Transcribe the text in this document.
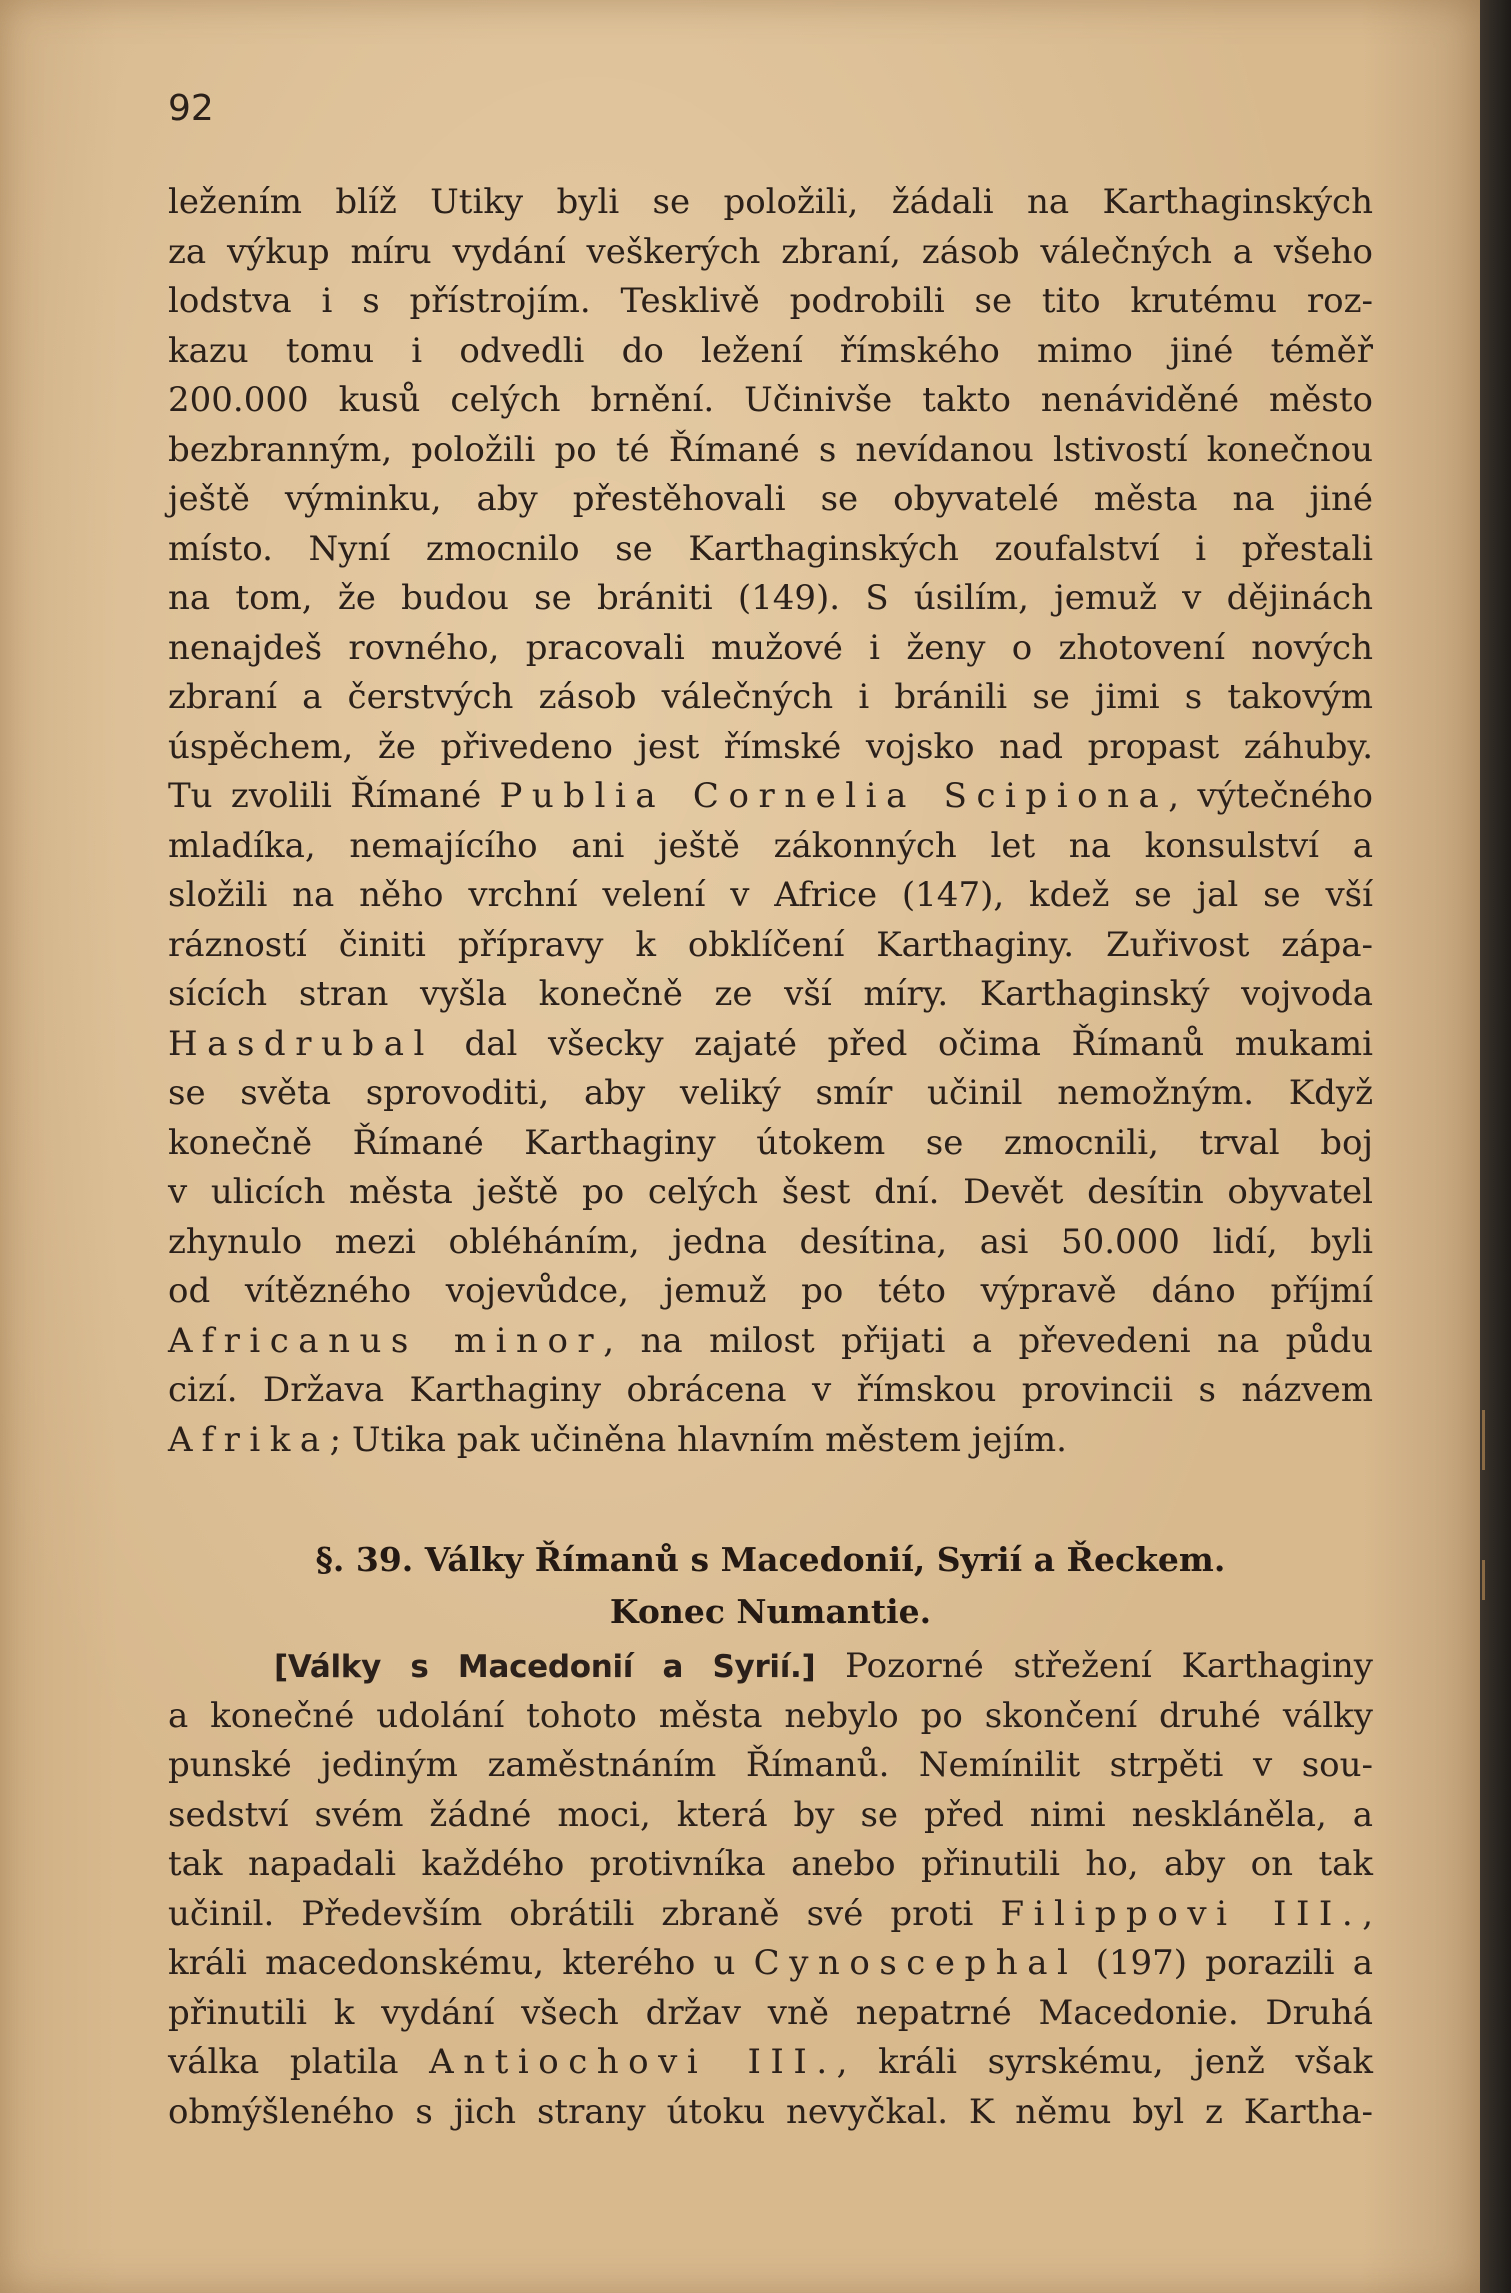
92
ležením blíž Utiky byli se položili, žádali na Karthaginských
za výkup míru vydání veškerých zbraní, zásob válečných a všeho
lodstva i s přístrojím. Tesklivě podrobili se tito krutému roz-
kazu tomu i odvedli do ležení římského mimo jiné téměř
200.000 kusů celých brnění. Učinivše takto nenáviděné město
bezbranným, položili po té Římané s nevídanou lstivostí konečnou
ještě výminku, aby přestěhovali se obyvatelé města na jiné
místo. Nyní zmocnilo se Karthaginských zoufalství i přestali
na tom, že budou se brániti (149). S úsilím, jemuž v dějinách
nenajdeš rovného, pracovali mužové i ženy o zhotovení nových
zbraní a čerstvých zásob válečných i bránili se jimi s takovým
úspěchem, že přivedeno jest římské vojsko nad propast záhuby.
Tu zvolili Římané Publia Cornelia Scipiona, výtečného
mladíka, nemajícího ani ještě zákonných let na konsulství a
složili na něho vrchní velení v Africe (147), kdež se jal se vší
rázností činiti přípravy k obklíčení Karthaginy. Zuřivost zápa-
sících stran vyšla konečně ze vší míry. Karthaginský vojvoda
Hasdrubal dal všecky zajaté před očima Římanů mukami
se světa sprovoditi, aby veliký smír učinil nemožným. Když
konečně Římané Karthaginy útokem se zmocnili, trval boj
v ulicích města ještě po celých šest dní. Devět desítin obyvatel
zhynulo mezi obléháním, jedna desítina, asi 50.000 lidí, byli
od vítězného vojevůdce, jemuž po této výpravě dáno příjmí
Africanus minor, na milost přijati a převedeni na půdu
cizí. Država Karthaginy obrácena v římskou provincii s názvem
Afrika; Utika pak učiněna hlavním městem jejím.
§. 39. Války Římanů s Macedonií, Syrií a Řeckem.
Konec Numantie.
[Války s Macedonií a Syrií.] Pozorné střežení Karthaginy
a konečné udolání tohoto města nebylo po skončení druhé války
punské jediným zaměstnáním Římanů. Nemínilit strpěti v sou-
sedství svém žádné moci, která by se před nimi neskláněla, a
tak napadali každého protivníka anebo přinutili ho, aby on tak
učinil. Především obrátili zbraně své proti Filippovi III.,
králi macedonskému, kterého u Cynoscephal (197) porazili a
přinutili k vydání všech držav vně nepatrné Macedonie. Druhá
válka platila Antiochovi III., králi syrskému, jenž však
obmýšleného s jich strany útoku nevyčkal. K němu byl z Kartha-
